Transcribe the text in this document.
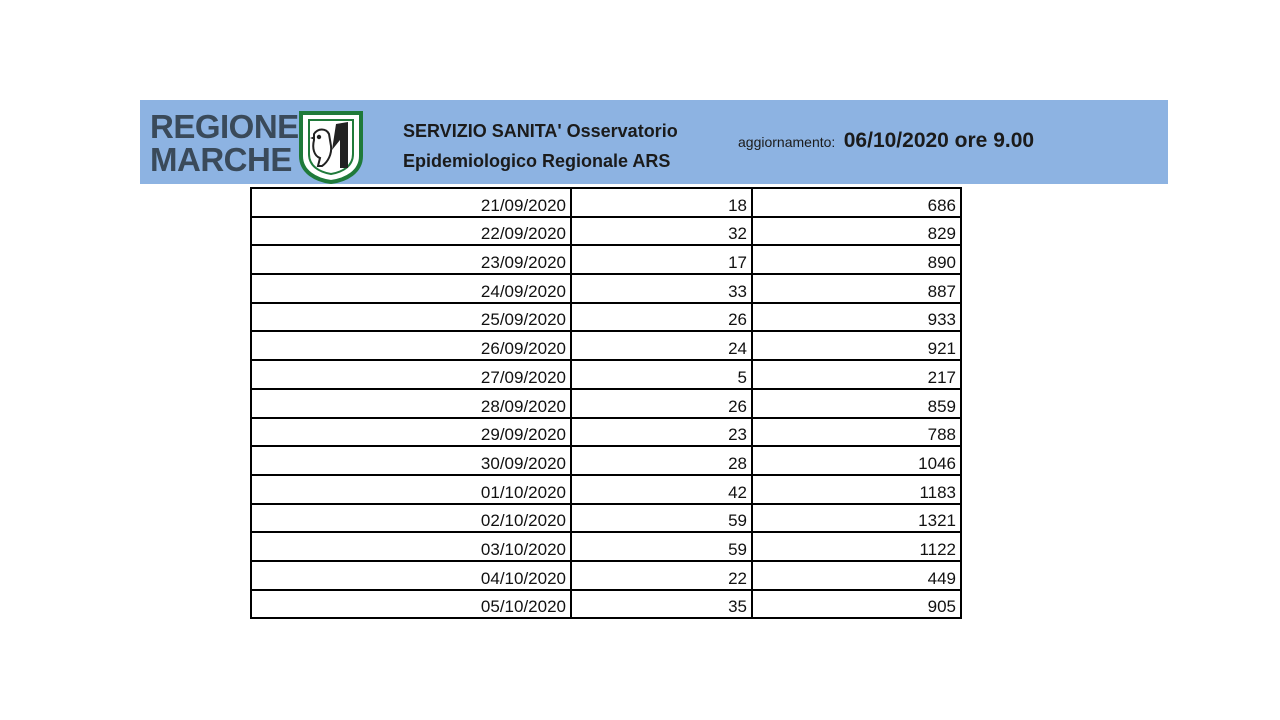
REGIONE
MARCHE
SERVIZIO SANITA' Osservatorio
Epidemiologico Regionale ARS
aggiornamento: 06/10/2020 ore 9.00
21/09/2020	18	686
22/09/2020	32	829
23/09/2020	17	890
24/09/2020	33	887
25/09/2020	26	933
26/09/2020	24	921
27/09/2020	5	217
28/09/2020	26	859
29/09/2020	23	788
30/09/2020	28	1046
01/10/2020	42	1183
02/10/2020	59	1321
03/10/2020	59	1122
04/10/2020	22	449
05/10/2020	35	905
